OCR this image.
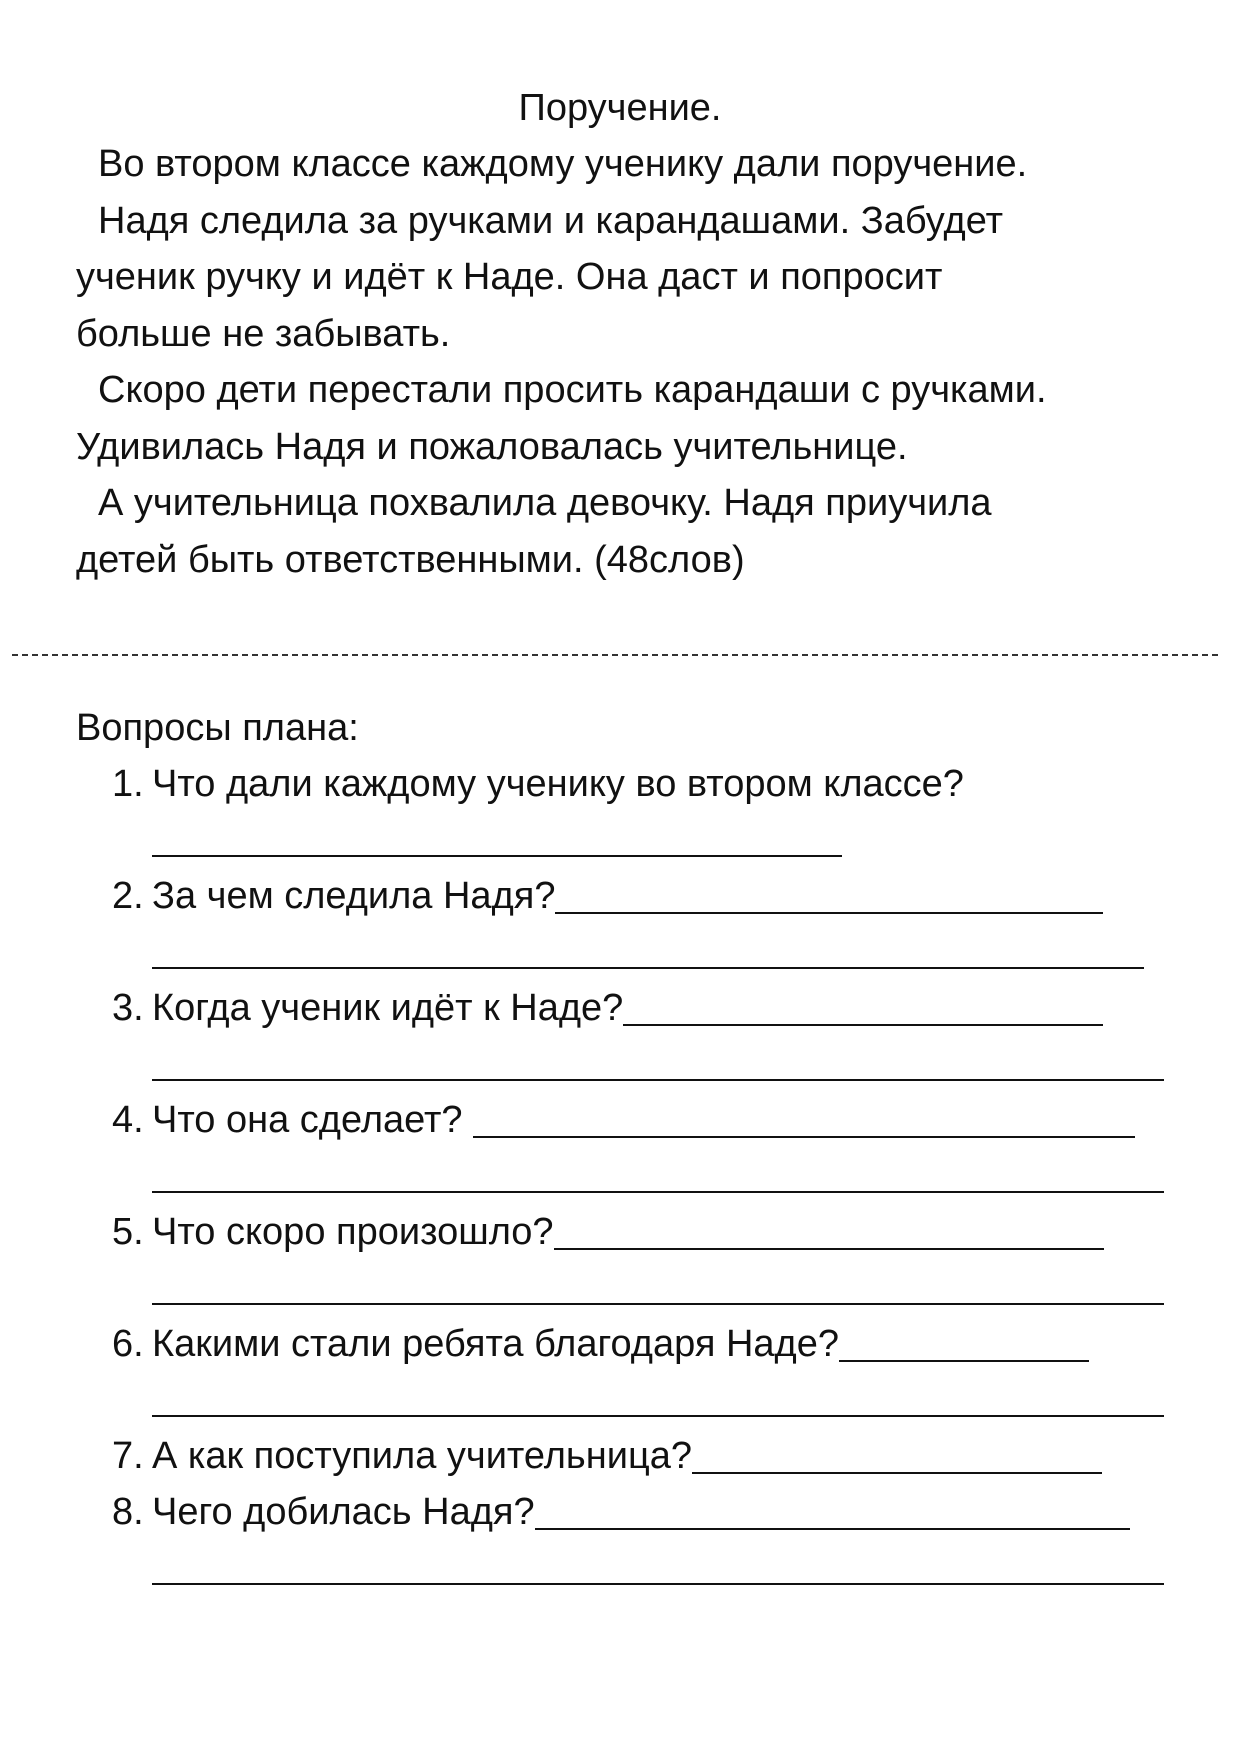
Поручение.

Во втором классе каждому ученику дали поручение.

Надя следила за ручками и карандашами. Забудет
ученик ручку и идёт к Наде. Она даст и попросит
больше не забывать.

Скоро дети перестали просить карандаши с ручками.
Удивилась Надя и пожаловалась учительнице.

А учительница похвалила девочку. Надя приучила
детей быть ответственными. (48слов)

Вопросы плана:
1. Что дали каждому ученику во втором классе?
2. За чем следила Надя?
3. Когда ученик идёт к Наде?
4. Что она сделает?
5. Что скоро произошло?
6. Какими стали ребята благодаря Наде?
7. А как поступила учительница?
8. Чего добилась Надя?
